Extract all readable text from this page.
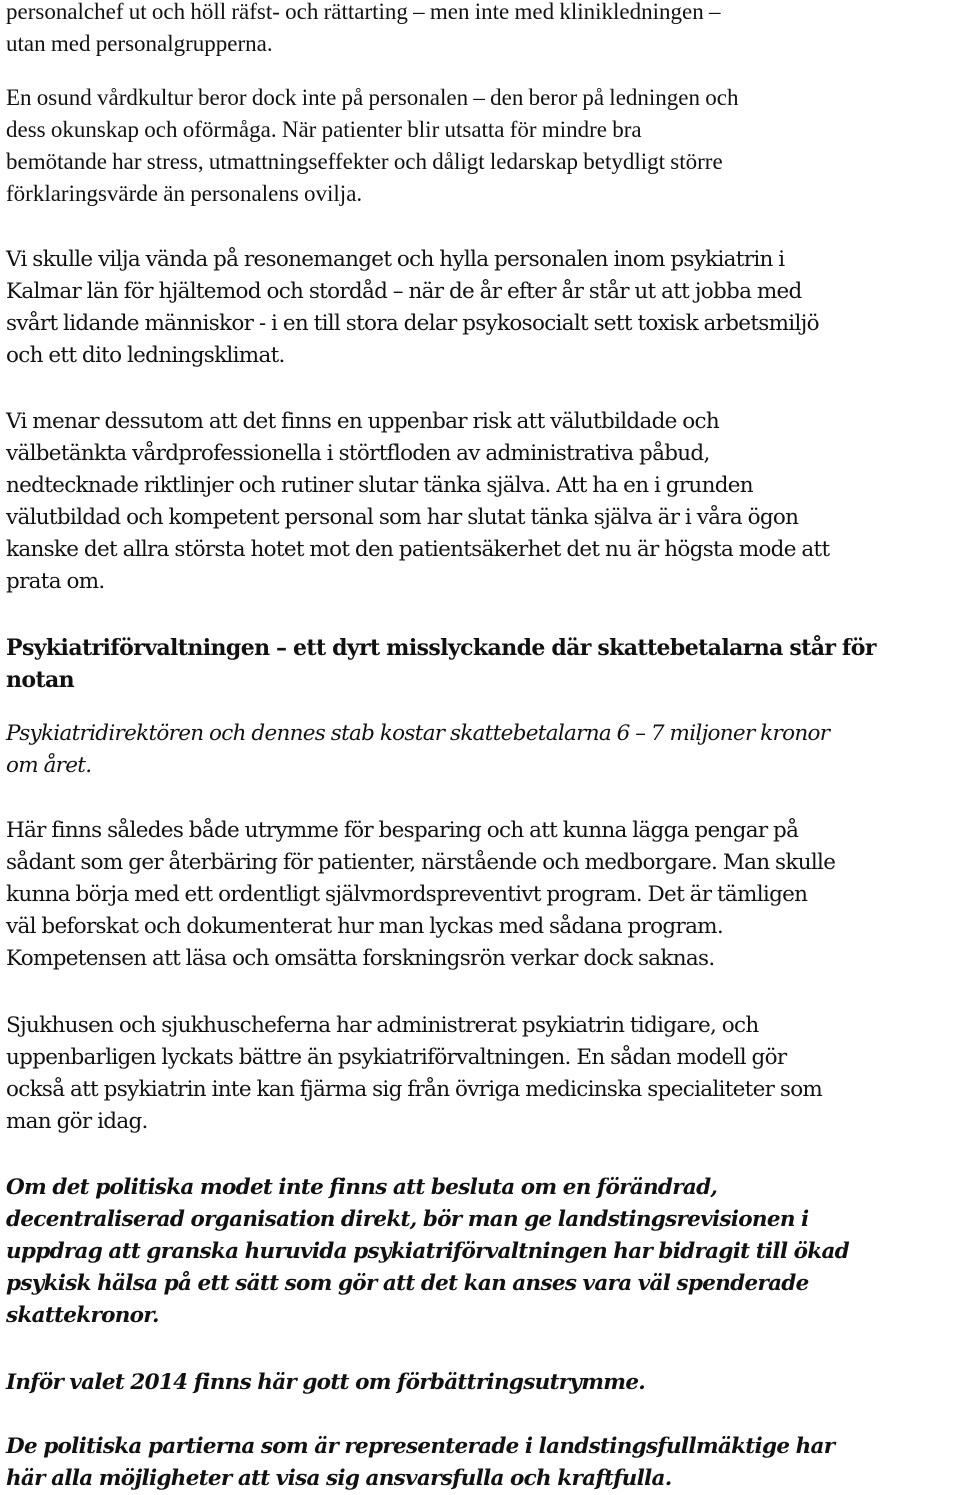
personalchef ut och höll räfst- och rättarting – men inte med klinikledningen –
utan med personalgrupperna.
En osund vårdkultur beror dock inte på personalen – den beror på ledningen och
dess okunskap och oförmåga. När patienter blir utsatta för mindre bra
bemötande har stress, utmattningseffekter och dåligt ledarskap betydligt större
förklaringsvärde än personalens ovilja.
Vi skulle vilja vända på resonemanget och hylla personalen inom psykiatrin i
Kalmar län för hjältemod och stordåd – när de år efter år står ut att jobba med
svårt lidande människor - i en till stora delar psykosocialt sett toxisk arbetsmiljö
och ett dito ledningsklimat.
Vi menar dessutom att det finns en uppenbar risk att välutbildade och
välbetänkta vårdprofessionella i störtfloden av administrativa påbud,
nedtecknade riktlinjer och rutiner slutar tänka själva. Att ha en i grunden
välutbildad och kompetent personal som har slutat tänka själva är i våra ögon
kanske det allra största hotet mot den patientsäkerhet det nu är högsta mode att
prata om.
Psykiatriförvaltningen – ett dyrt misslyckande där skattebetalarna står för
notan
Psykiatridirektören och dennes stab kostar skattebetalarna 6 – 7 miljoner kronor
om året.
Här finns således både utrymme för besparing och att kunna lägga pengar på
sådant som ger återbäring för patienter, närstående och medborgare. Man skulle
kunna börja med ett ordentligt självmordspreventivt program. Det är tämligen
väl beforskat och dokumenterat hur man lyckas med sådana program.
Kompetensen att läsa och omsätta forskningsrön verkar dock saknas.
Sjukhusen och sjukhuscheferna har administrerat psykiatrin tidigare, och
uppenbarligen lyckats bättre än psykiatriförvaltningen. En sådan modell gör
också att psykiatrin inte kan fjärma sig från övriga medicinska specialiteter som
man gör idag.
Om det politiska modet inte finns att besluta om en förändrad,
decentraliserad organisation direkt, bör man ge landstingsrevisionen i
uppdrag att granska huruvida psykiatriförvaltningen har bidragit till ökad
psykisk hälsa på ett sätt som gör att det kan anses vara väl spenderade
skattekronor.
Inför valet 2014 finns här gott om förbättringsutrymme.
De politiska partierna som är representerade i landstingsfullmäktige har
här alla möjligheter att visa sig ansvarsfulla och kraftfulla.
